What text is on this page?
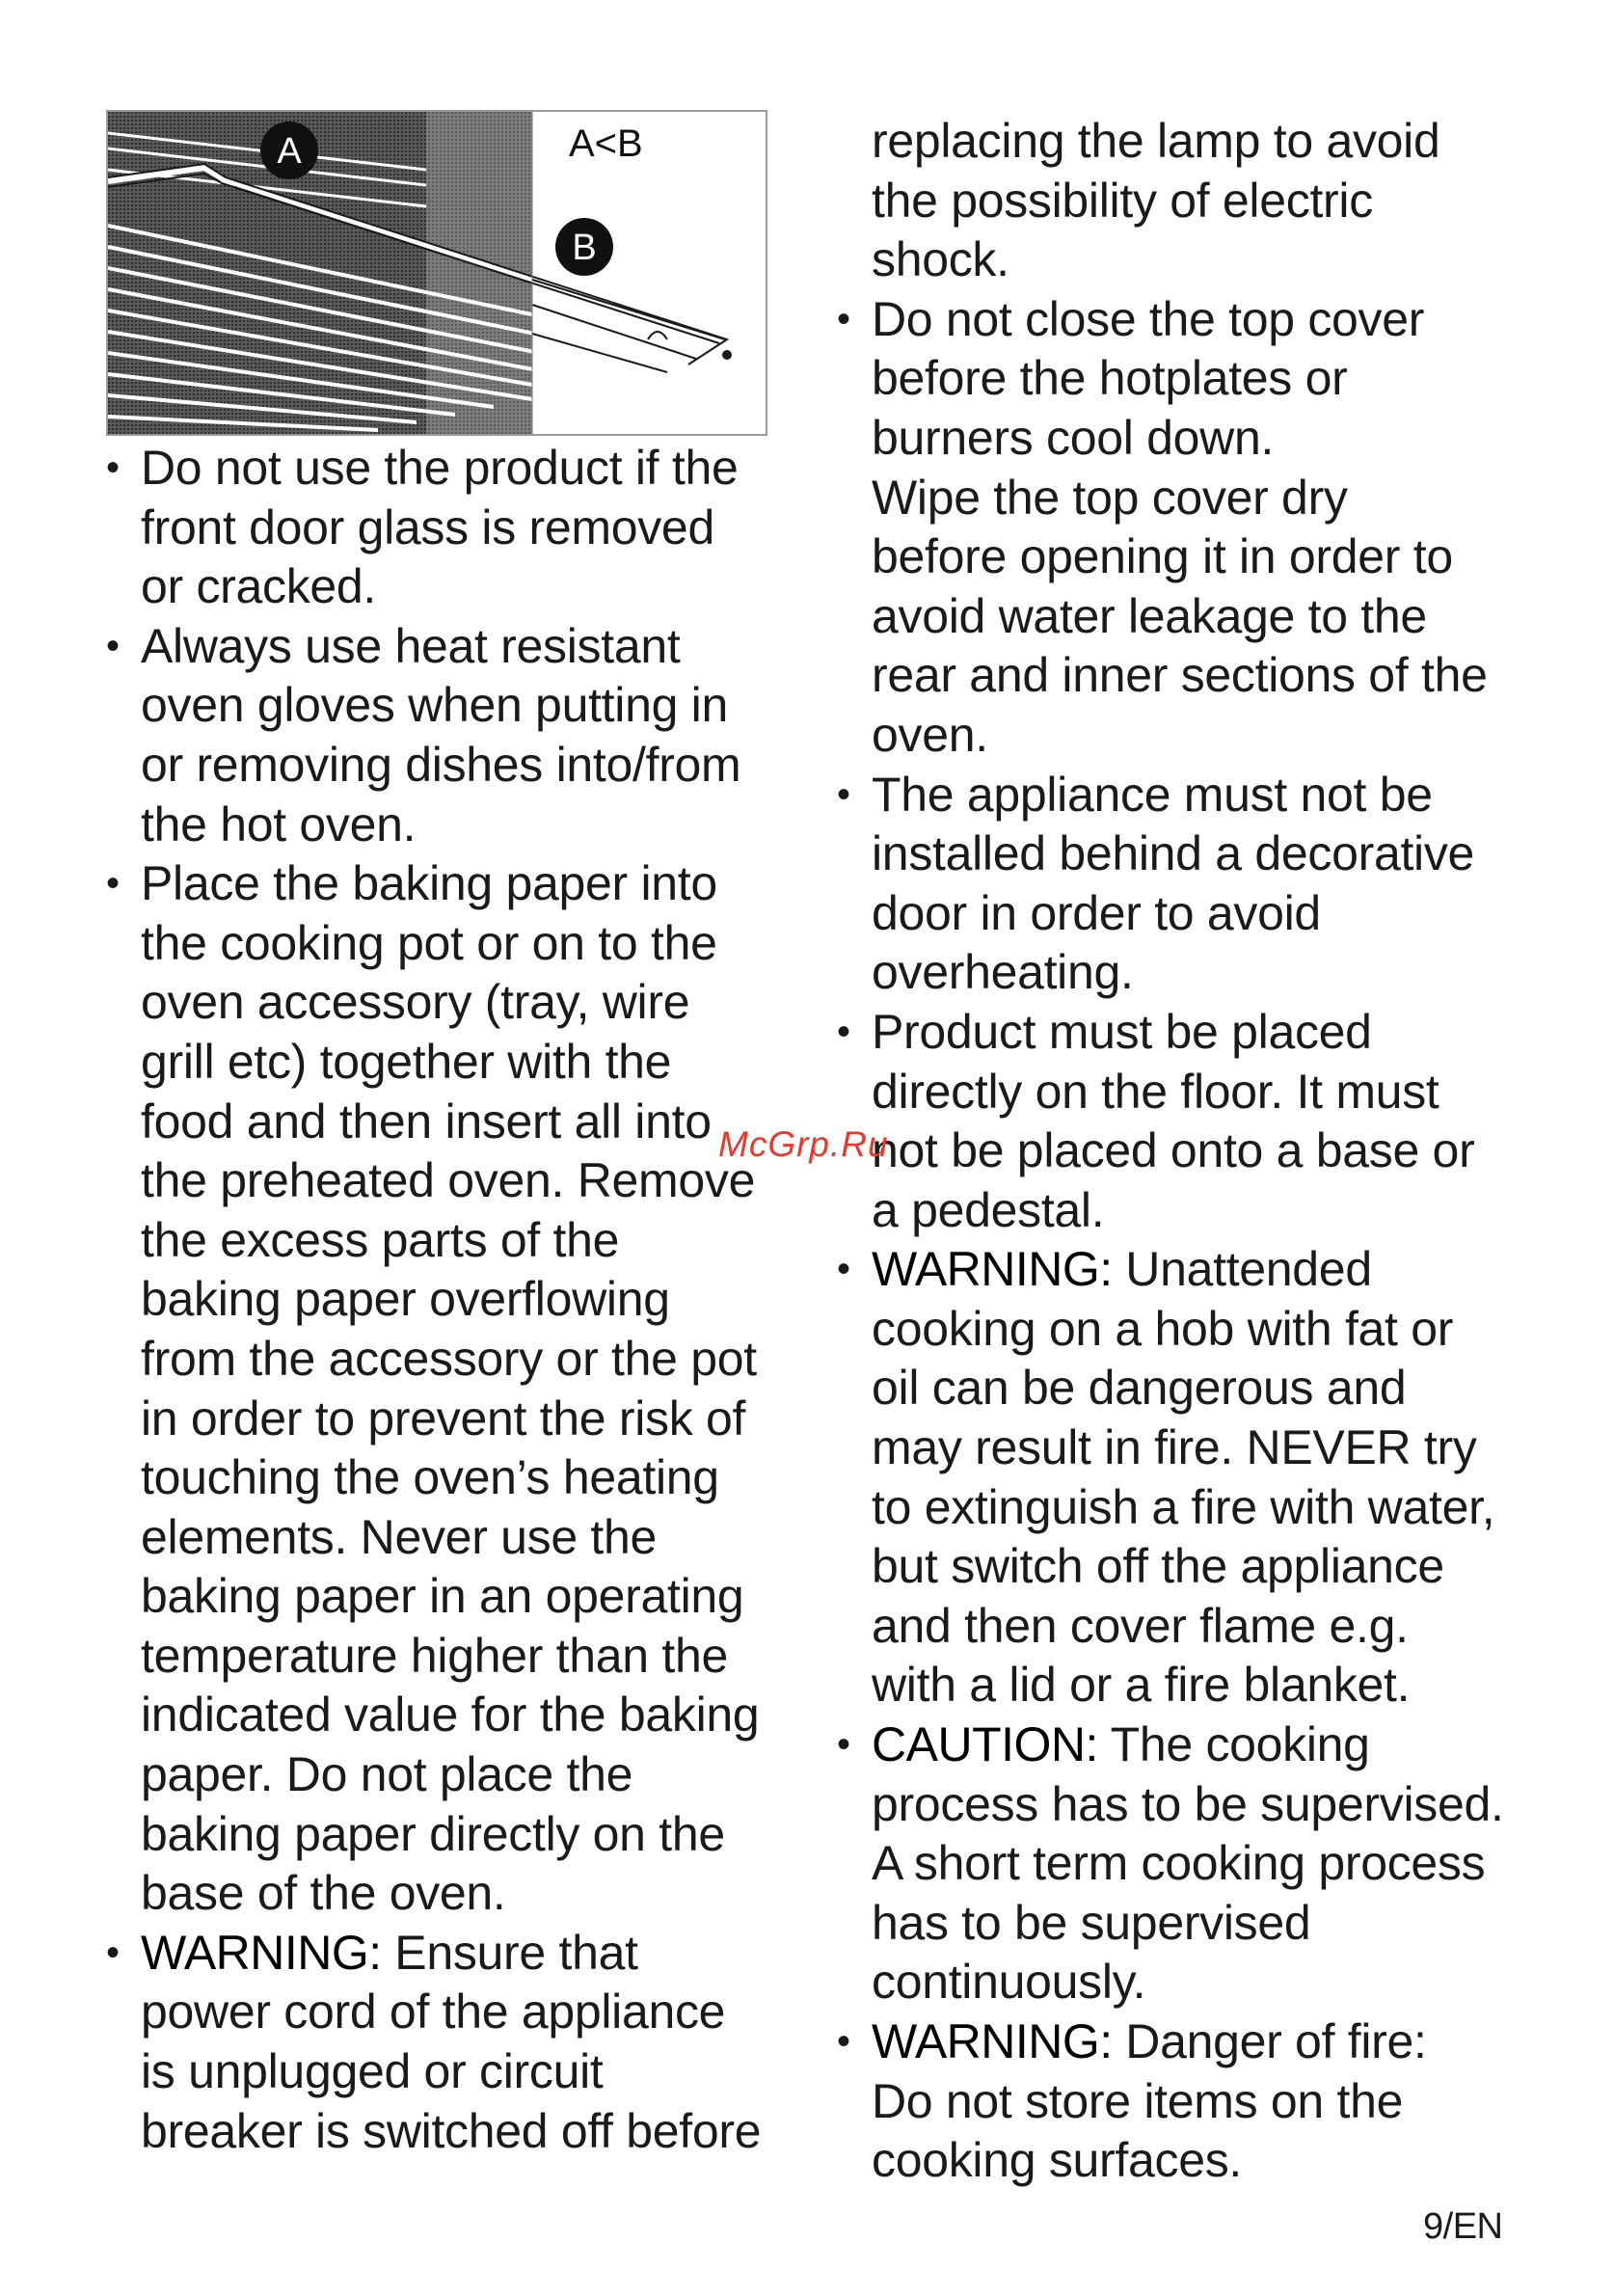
A
B
A<B
• Do not use the product if the
front door glass is removed
or cracked.
• Always use heat resistant
oven gloves when putting in
or removing dishes into/from
the hot oven.
• Place the baking paper into
the cooking pot or on to the
oven accessory (tray, wire
grill etc) together with the
food and then insert all into
the preheated oven. Remove
the excess parts of the
baking paper overflowing
from the accessory or the pot
in order to prevent the risk of
touching the oven’s heating
elements. Never use the
baking paper in an operating
temperature higher than the
indicated value for the baking
paper. Do not place the
baking paper directly on the
base of the oven.
• WARNING: Ensure that
power cord of the appliance
is unplugged or circuit
breaker is switched off before
replacing the lamp to avoid
the possibility of electric
shock.
• Do not close the top cover
before the hotplates or
burners cool down.
Wipe the top cover dry
before opening it in order to
avoid water leakage to the
rear and inner sections of the
oven.
• The appliance must not be
installed behind a decorative
door in order to avoid
overheating.
• Product must be placed
directly on the floor. It must
not be placed onto a base or
a pedestal.
• WARNING: Unattended
cooking on a hob with fat or
oil can be dangerous and
may result in fire. NEVER try
to extinguish a fire with water,
but switch off the appliance
and then cover flame e.g.
with a lid or a fire blanket.
• CAUTION: The cooking
process has to be supervised.
A short term cooking process
has to be supervised
continuously.
• WARNING: Danger of fire:
Do not store items on the
cooking surfaces.
McGrp.Ru
9/EN
